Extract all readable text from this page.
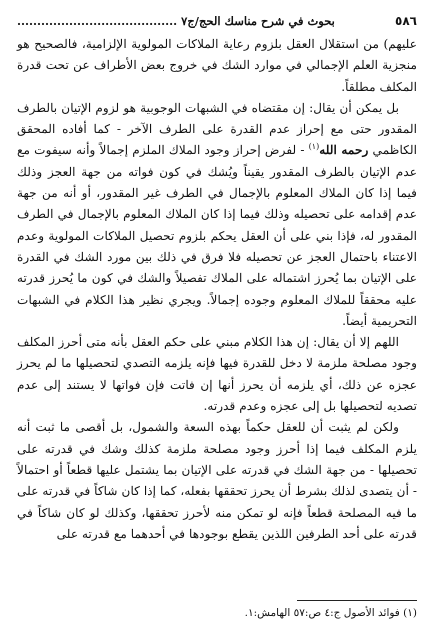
٥٨٦
بحوث في شرح مناسك الحج/ج٧ ........................................

عليهم) من استقلال العقل بلزوم رعاية الملاكات المولوية الإلزامية، فالصحيح هو منجزية العلم الإجمالي في موارد الشك في خروج بعض الأطراف عن تحت قدرة المكلف مطلقاً.

بل يمكن أن يقال: إن مقتضاه في الشبهات الوجوبية هو لزوم الإتيان بالطرف المقدور حتى مع إحراز عدم القدرة على الطرف الآخر - كما أفاده المحقق الكاظمي رحمه الله$^{(١)}$ - لفرض إحراز وجود الملاك الملزم إجمالاً وأنه سيفوت مع عدم الإتيان بالطرف المقدور يقيناً ويُشك في كون فواته من جهة العجز وذلك فيما إذا كان الملاك المعلوم بالإجمال في الطرف غير المقدور، أو أنه من جهة عدم إقدامه على تحصيله وذلك فيما إذا كان الملاك المعلوم بالإجمال في الطرف المقدور له، فإذا بني على أن العقل يحكم بلزوم تحصيل الملاكات المولوية وعدم الاعتناء باحتمال العجز عن تحصيله فلا فرق في ذلك بين مورد الشك في القدرة على الإتيان بما يُحرز اشتماله على الملاك تفصيلاً والشك في كون ما يُحرز قدرته عليه محققاً للملاك المعلوم وجوده إجمالاً. ويجري نظير هذا الكلام في الشبهات التحريمية أيضاً.

اللهم إلا أن يقال: إن هذا الكلام مبني على حكم العقل بأنه متى أحرز المكلف وجود مصلحة ملزمة لا دخل للقدرة فيها فإنه يلزمه التصدي لتحصيلها ما لم يحرز عجزه عن ذلك، أي يلزمه أن يحرز أنها إن فاتت فإن فواتها لا يستند إلى عدم تصديه لتحصيلها بل إلى عجزه وعدم قدرته.

ولكن لم يثبت أن للعقل حكماً بهذه السعة والشمول، بل أقصى ما ثبت أنه يلزم المكلف فيما إذا أحرز وجود مصلحة ملزمة كذلك وشك في قدرته على تحصيلها - من جهة الشك في قدرته على الإتيان بما يشتمل عليها قطعاً أو احتمالاً - أن يتصدى لذلك بشرط أن يحرز تحققها بفعله، كما إذا كان شاكاً في قدرته على ما فيه المصلحة قطعاً فإنه لو تمكن منه لأحرز تحققها، وكذلك لو كان شاكاً في قدرته على أحد الطرفين اللذين يقطع بوجودها في أحدهما مع قدرته على

(١) فوائد الأصول ج:٤ ص:٥٧ الهامش:١.
